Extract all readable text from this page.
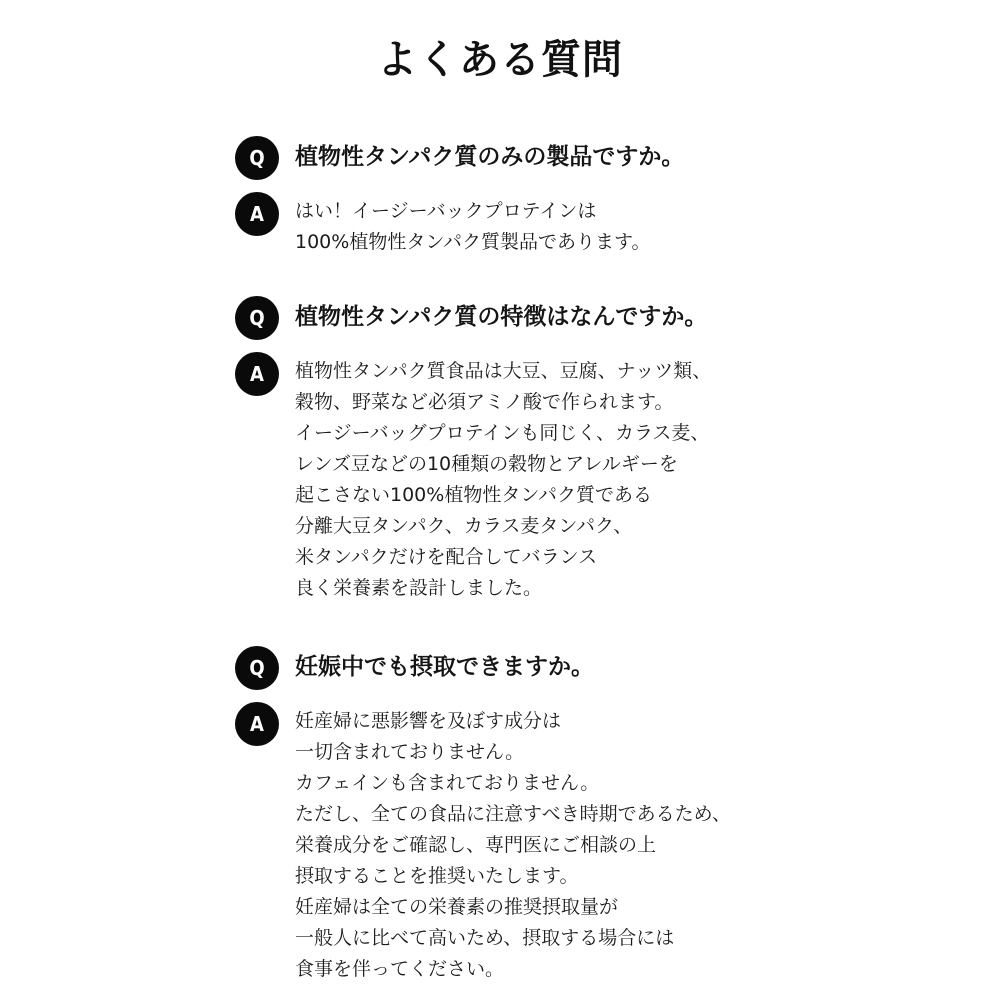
よくある質問
Q	植物性タンパク質のみの製品ですか。
A	はい！イージーバックプロテインは
100%植物性タンパク質製品であります。
Q	植物性タンパク質の特徴はなんですか。
A	植物性タンパク質食品は大豆、豆腐、ナッツ類、
穀物、野菜など必須アミノ酸で作られます。
イージーバッグプロテインも同じく、カラス麦、
レンズ豆などの10種類の穀物とアレルギーを
起こさない100%植物性タンパク質である
分離大豆タンパク、カラス麦タンパク、
米タンパクだけを配合してバランス
良く栄養素を設計しました。
Q	妊娠中でも摂取できますか。
A	妊産婦に悪影響を及ぼす成分は
一切含まれておりません。
カフェインも含まれておりません。
ただし、全ての食品に注意すべき時期であるため、
栄養成分をご確認し、専門医にご相談の上
摂取することを推奨いたします。
妊産婦は全ての栄養素の推奨摂取量が
一般人に比べて高いため、摂取する場合には
食事を伴ってください。
